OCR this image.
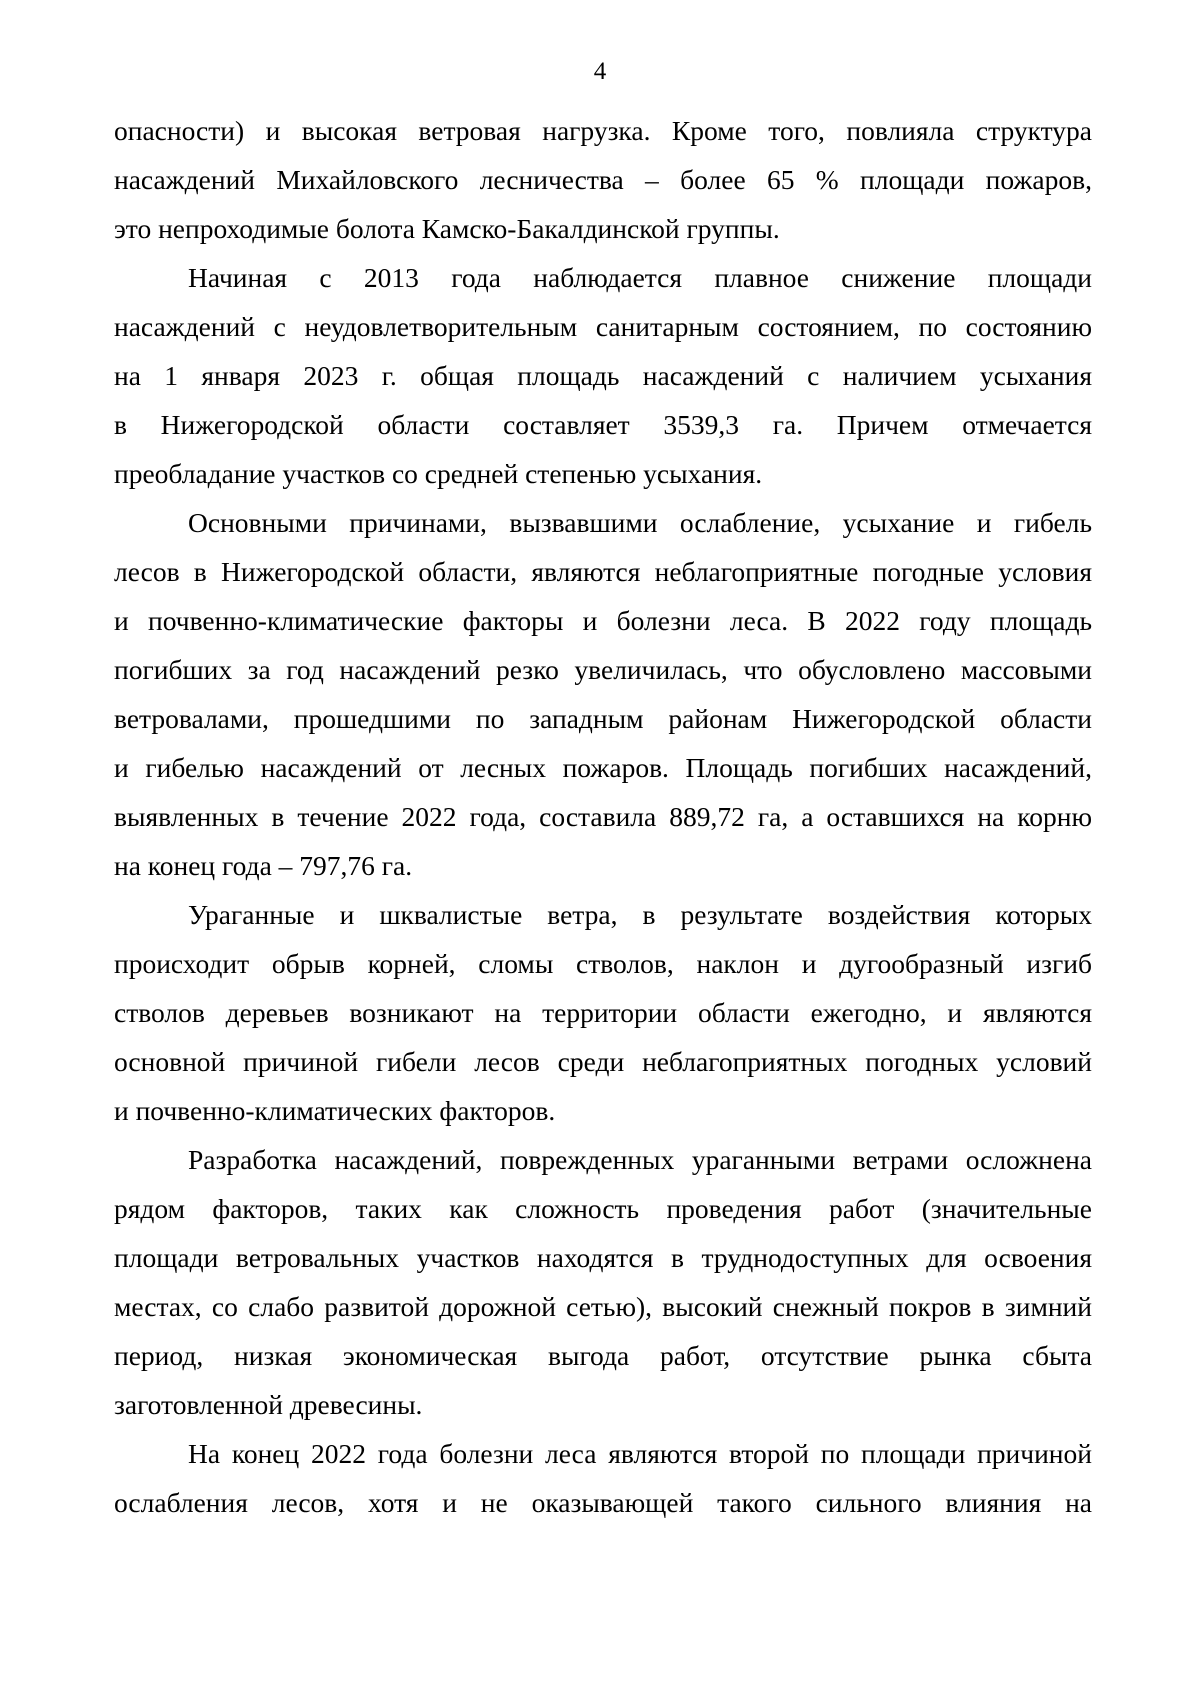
4
опасности) и высокая ветровая нагрузка. Кроме того, повлияла структура
насаждений Михайловского лесничества – более 65 % площади пожаров,
это непроходимые болота Камско-Бакалдинской группы.
Начиная с 2013 года наблюдается плавное снижение площади
насаждений с неудовлетворительным санитарным состоянием, по состоянию
на 1 января 2023 г. общая площадь насаждений с наличием усыхания
в Нижегородской области составляет 3539,3 га. Причем отмечается
преобладание участков со средней степенью усыхания.
Основными причинами, вызвавшими ослабление, усыхание и гибель
лесов в Нижегородской области, являются неблагоприятные погодные условия
и почвенно-климатические факторы и болезни леса. В 2022 году площадь
погибших за год насаждений резко увеличилась, что обусловлено массовыми
ветровалами, прошедшими по западным районам Нижегородской области
и гибелью насаждений от лесных пожаров. Площадь погибших насаждений,
выявленных в течение 2022 года, составила 889,72 га, а оставшихся на корню
на конец года – 797,76 га.
Ураганные и шквалистые ветра, в результате воздействия которых
происходит обрыв корней, сломы стволов, наклон и дугообразный изгиб
стволов деревьев возникают на территории области ежегодно, и являются
основной причиной гибели лесов среди неблагоприятных погодных условий
и почвенно-климатических факторов.
Разработка насаждений, поврежденных ураганными ветрами осложнена
рядом факторов, таких как сложность проведения работ (значительные
площади ветровальных участков находятся в труднодоступных для освоения
местах, со слабо развитой дорожной сетью), высокий снежный покров в зимний
период, низкая экономическая выгода работ, отсутствие рынка сбыта
заготовленной древесины.
На конец 2022 года болезни леса являются второй по площади причиной
ослабления лесов, хотя и не оказывающей такого сильного влияния на
